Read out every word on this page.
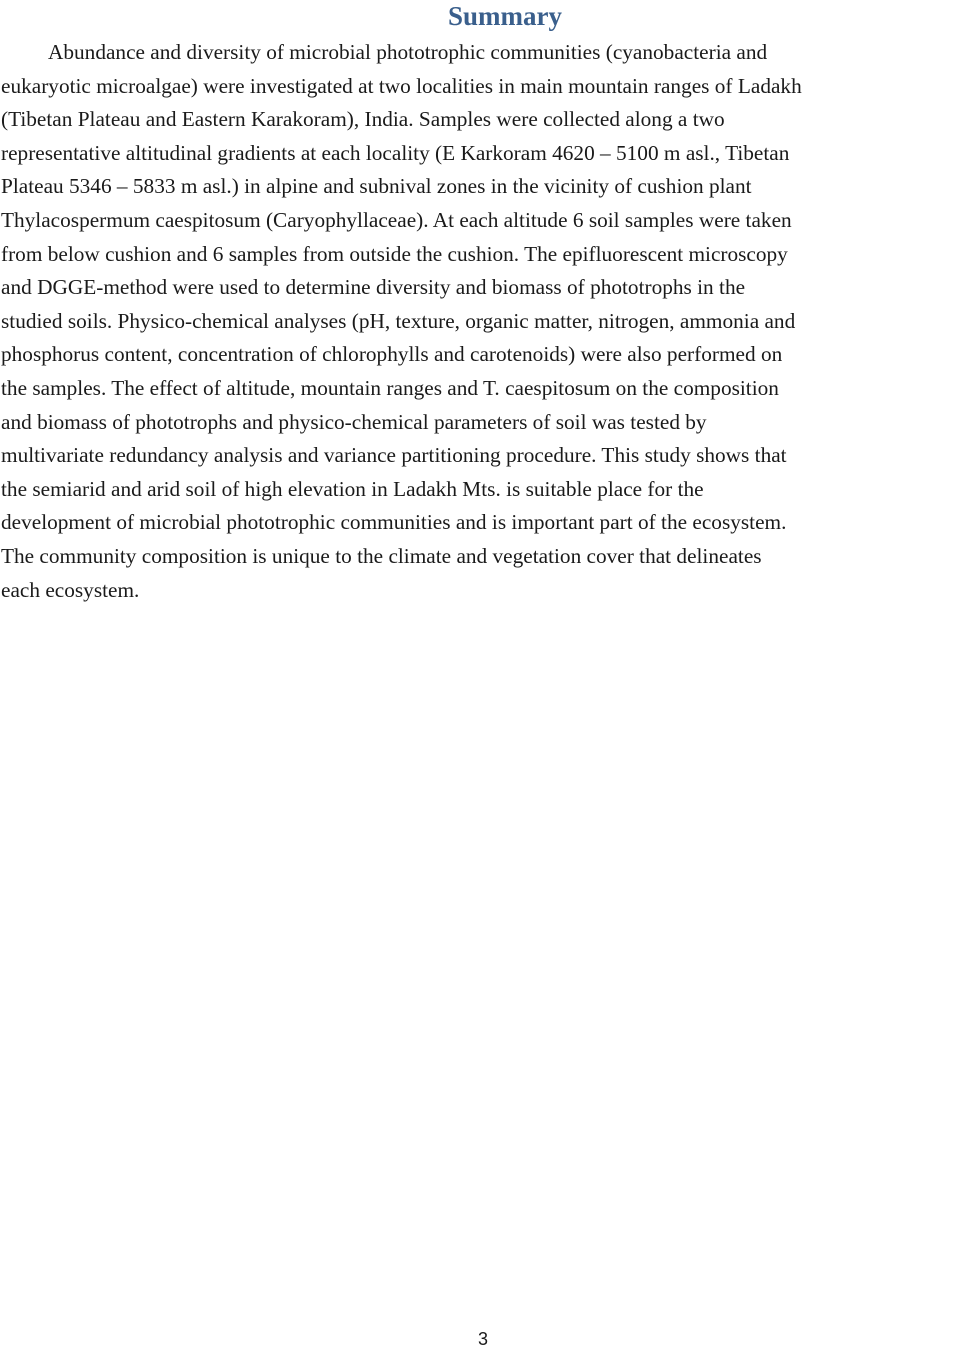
Summary

Abundance and diversity of microbial phototrophic communities (cyanobacteria and
eukaryotic microalgae) were investigated at two localities in main mountain ranges of Ladakh
(Tibetan Plateau and Eastern Karakoram), India. Samples were collected along a two
representative altitudinal gradients at each locality (E Karkoram 4620 – 5100 m asl., Tibetan
Plateau 5346 – 5833 m asl.) in alpine and subnival zones in the vicinity of cushion plant
Thylacospermum caespitosum (Caryophyllaceae). At each altitude 6 soil samples were taken
from below cushion and 6 samples from outside the cushion. The epifluorescent microscopy
and DGGE-method were used to determine diversity and biomass of phototrophs in the
studied soils. Physico-chemical analyses (pH, texture, organic matter, nitrogen, ammonia and
phosphorus content, concentration of chlorophylls and carotenoids) were also performed on
the samples. The effect of altitude, mountain ranges and T. caespitosum on the composition
and biomass of phototrophs and physico-chemical parameters of soil was tested by
multivariate redundancy analysis and variance partitioning procedure. This study shows that
the semiarid and arid soil of high elevation in Ladakh Mts. is suitable place for the
development of microbial phototrophic communities and is important part of the ecosystem.
The community composition is unique to the climate and vegetation cover that delineates
each ecosystem.

3
